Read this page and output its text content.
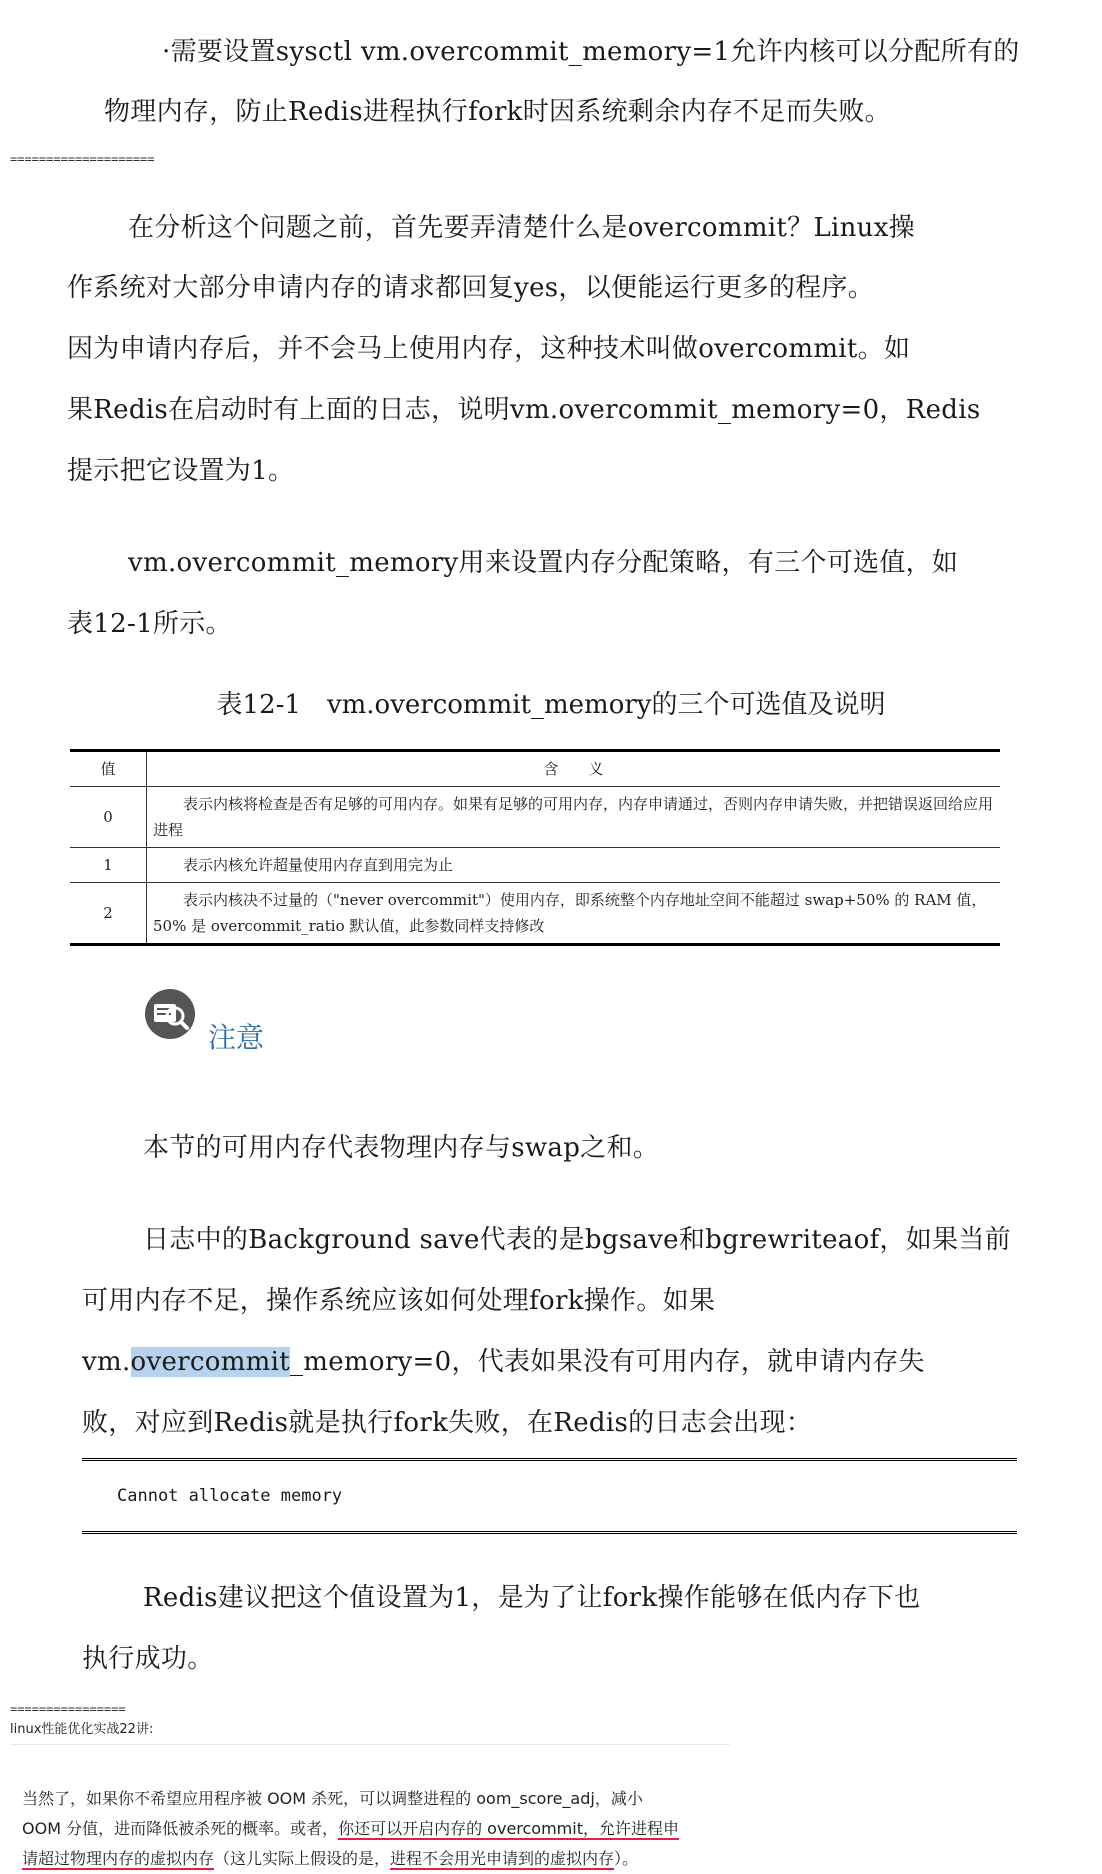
·需要设置sysctl vm.overcommit_memory=1允许内核可以分配所有的
物理内存，防止Redis进程执行fork时因系统剩余内存不足而失败。
====================
在分析这个问题之前，首先要弄清楚什么是overcommit？Linux操
作系统对大部分申请内存的请求都回复yes，以便能运行更多的程序。
因为申请内存后，并不会马上使用内存，这种技术叫做overcommit。如
果Redis在启动时有上面的日志，说明vm.overcommit_memory=0，Redis
提示把它设置为1。
vm.overcommit_memory用来设置内存分配策略，有三个可选值，如
表12-1所示。
表12-1　vm.overcommit_memory的三个可选值及说明
值	含　　义
0	表示内核将检查是否有足够的可用内存。如果有足够的可用内存，内存申请通过，否则内存申请失败，并把错误返回给应用进程
1	表示内核允许超量使用内存直到用完为止
2	表示内核决不过量的（"never overcommit"）使用内存，即系统整个内存地址空间不能超过 swap+50% 的 RAM 值，50% 是 overcommit_ratio 默认值，此参数同样支持修改
注意
本节的可用内存代表物理内存与swap之和。
日志中的Background save代表的是bgsave和bgrewriteaof，如果当前
可用内存不足，操作系统应该如何处理fork操作。如果
vm.overcommit_memory=0，代表如果没有可用内存，就申请内存失
败，对应到Redis就是执行fork失败，在Redis的日志会出现：
Cannot allocate memory
Redis建议把这个值设置为1，是为了让fork操作能够在低内存下也
执行成功。
================
linux性能优化实战22讲:
当然了，如果你不希望应用程序被 OOM 杀死，可以调整进程的 oom_score_adj，减小
OOM 分值，进而降低被杀死的概率。或者，你还可以开启内存的 overcommit，允许进程申
请超过物理内存的虚拟内存（这儿实际上假设的是，进程不会用光申请到的虚拟内存）。
